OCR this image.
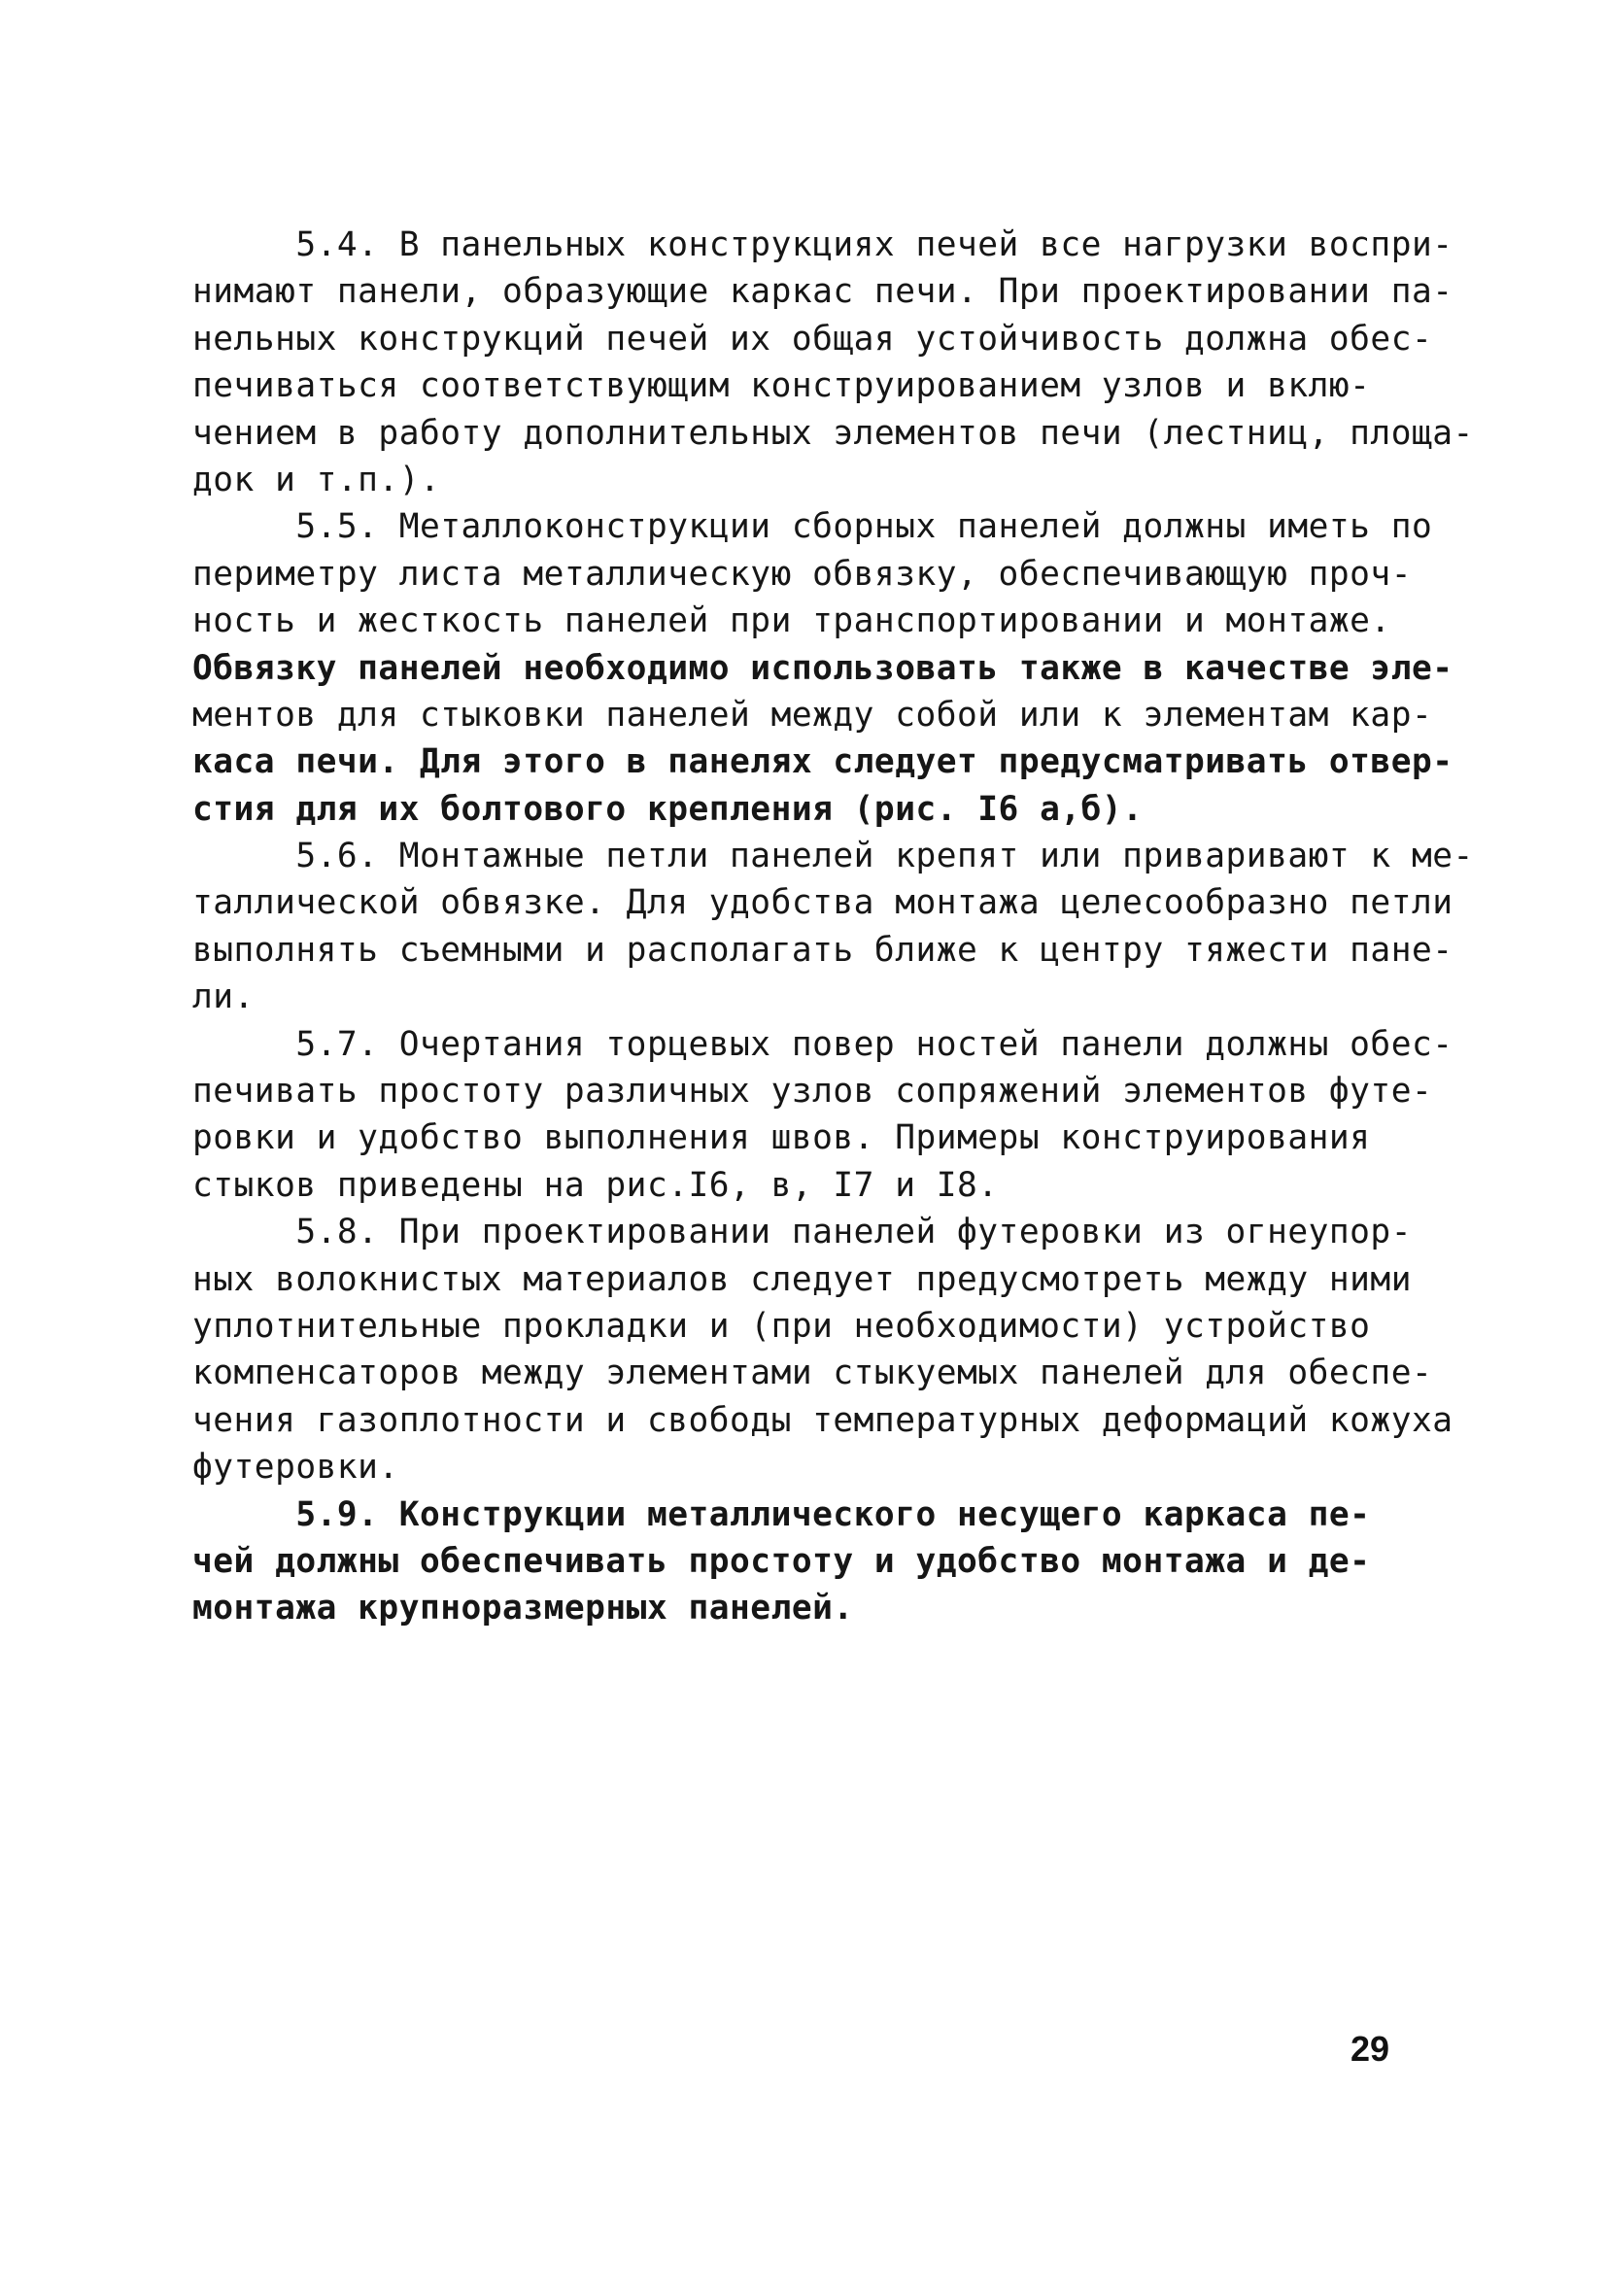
5.4. В панельных конструкциях печей все нагрузки воспри-
нимают панели, образующие каркас печи. При проектировании па-
нельных конструкций печей их общая устойчивость должна обес-
печиваться соответствующим конструированием узлов и вклю-
чением в работу дополнительных элементов печи (лестниц, площа-
док и т.п.).
5.5. Металлоконструкции сборных панелей должны иметь по
периметру листа металлическую обвязку, обеспечивающую проч-
ность и жесткость панелей при транспортировании и монтаже.
Обвязку панелей необходимо использовать также в качестве эле-
ментов для стыковки панелей между собой или к элементам кар-
каса печи. Для этого в панелях следует предусматривать отвер-
стия для их болтового крепления (рис. I6 а,б).
5.6. Монтажные петли панелей крепят или приваривают к ме-
таллической обвязке. Для удобства монтажа целесообразно петли
выполнять съемными и располагать ближе к центру тяжести пане-
ли.
5.7. Очертания торцевых повер ностей панели должны обес-
печивать простоту различных узлов сопряжений элементов футе-
ровки и удобство выполнения швов. Примеры конструирования
стыков приведены на рис.I6, в, I7 и I8.
5.8. При проектировании панелей футеровки из огнеупор-
ных волокнистых материалов следует предусмотреть между ними
уплотнительные прокладки и (при необходимости) устройство
компенсаторов между элементами стыкуемых панелей для обеспе-
чения газоплотности и свободы температурных деформаций кожуха
футеровки.
5.9. Конструкции металлического несущего каркаса пе-
чей должны обеспечивать простоту и удобство монтажа и де-
монтажа крупноразмерных панелей.
29
